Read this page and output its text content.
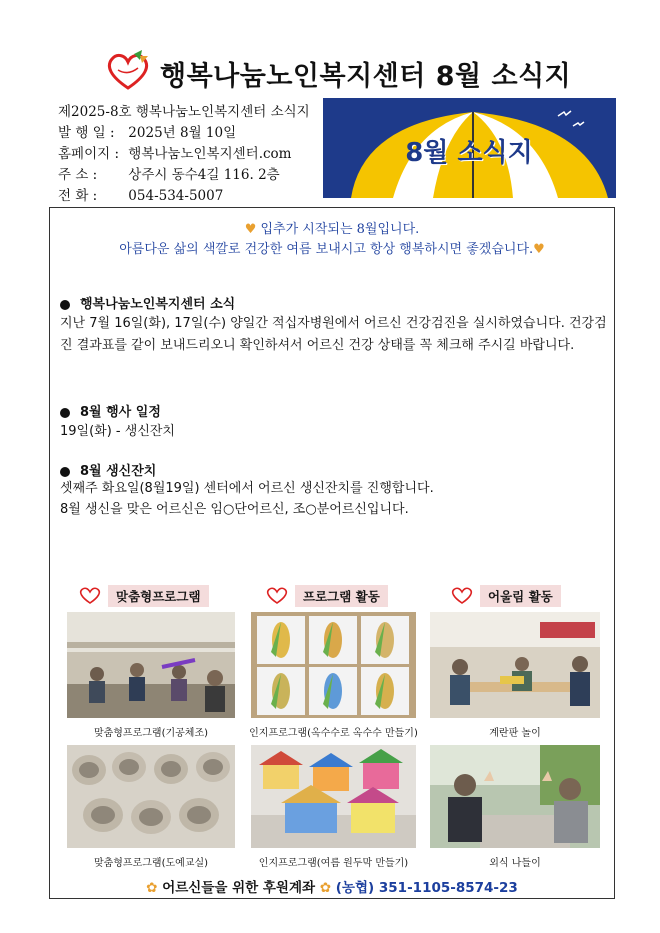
행복나눔노인복지센터 8월 소식지
제2025-8호 행복나눔노인복지센터 소식지
발 행 일 : 2025년 8월 10일
홈페이지 : 행복나눔노인복지센터.com
주 소 : 상주시 동수4길 116. 2층
전 화 : 054-534-5007
8월 소식지
♥ 입추가 시작되는 8월입니다.
아름다운 삶의 색깔로 건강한 여름 보내시고 항상 행복하시면 좋겠습니다.♥
행복나눔노인복지센터 소식
지난 7월 16일(화), 17일(수) 양일간 적십자병원에서 어르신 건강검진을 실시하였습니다. 건강검진 결과표를 같이 보내드리오니 확인하셔서 어르신 건강 상태를 꼭 체크해 주시길 바랍니다.
8월 행사 일정
19일(화) - 생신잔치
8월 생신잔치
셋째주 화요일(8월19일) 센터에서 어르신 생신잔치를 진행합니다.
8월 생신을 맞은 어르신은 임○단어르신, 조○분어르신입니다.
맞춤형프로그램	프로그램 활동	어울림 활동
맞춤형프로그램(기공체조)	인지프로그램(옥수수로 옥수수 만들기)	계란판 놀이
맞춤형프로그램(도예교실)	인지프로그램(여름 원두막 만들기)	외식 나들이
✿ 어르신들을 위한 후원계좌 ✿ (농협) 351-1105-8574-23
